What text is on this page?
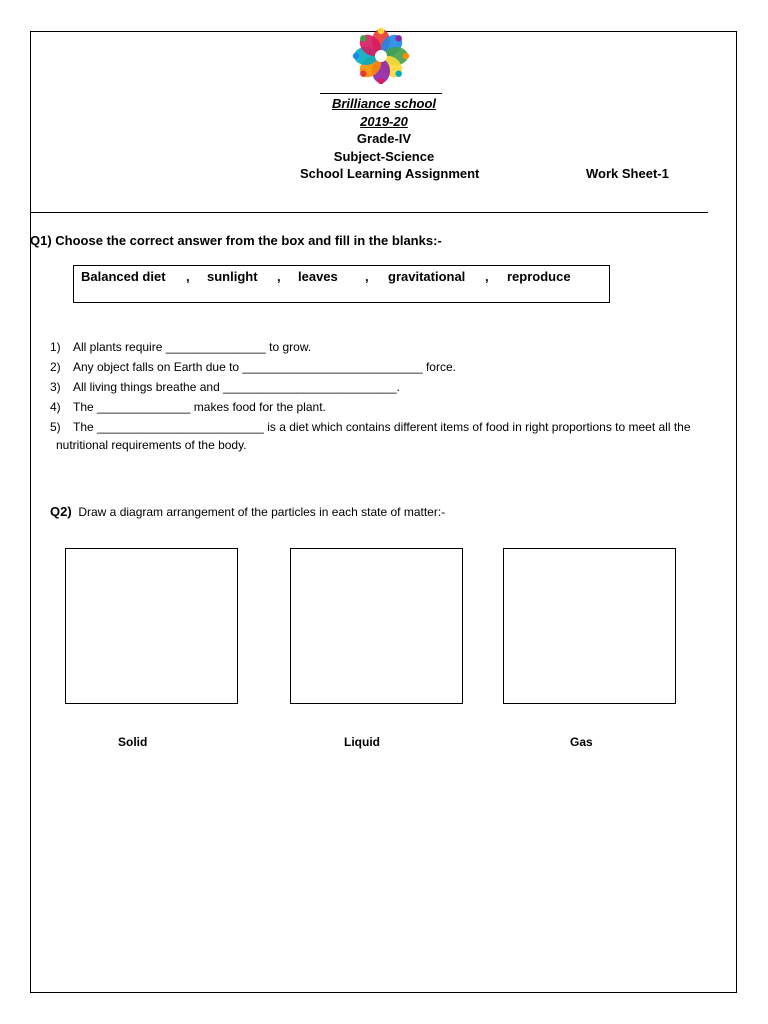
Brilliance school
2019-20
Grade-IV
Subject-Science
School Learning Assignment	Work Sheet-1
Q1) Choose the correct answer from the box and fill in the blanks:-
Balanced diet , sunlight , leaves , gravitational , reproduce
1) All plants require _______________ to grow.
2) Any object falls on Earth due to ___________________________ force.
3) All living things breathe and __________________________.
4) The ______________ makes food for the plant.
5) The _________________________ is a diet which contains different items of food in right proportions to meet all the
nutritional requirements of the body.
Q2) Draw a diagram arrangement of the particles in each state of matter:-
Solid	Liquid	Gas
